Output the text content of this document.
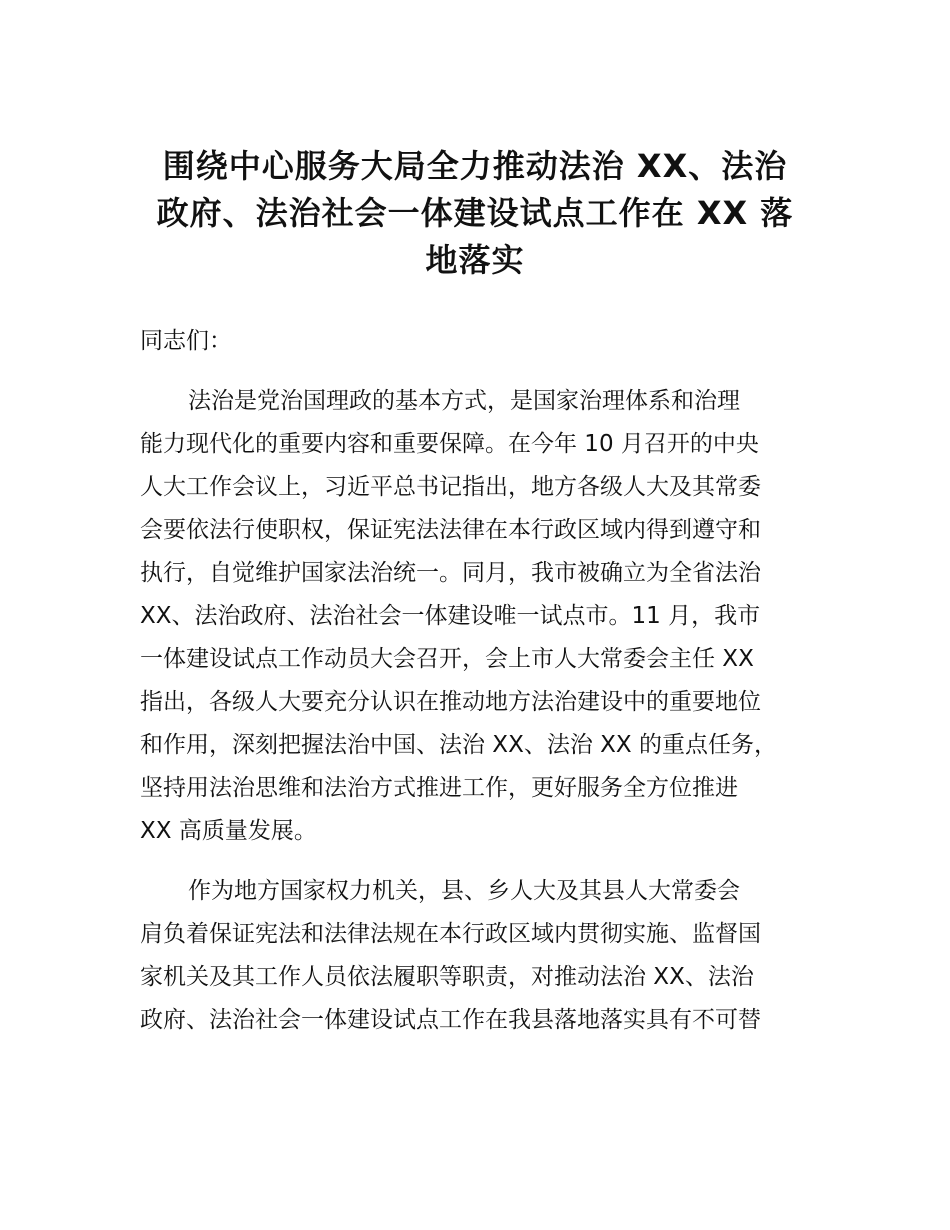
围绕中心服务大局全力推动法治 XX、法治
政府、法治社会一体建设试点工作在 XX 落
地落实

同志们：

法治是党治国理政的基本方式，是国家治理体系和治理
能力现代化的重要内容和重要保障。在今年 10 月召开的中央
人大工作会议上，习近平总书记指出，地方各级人大及其常委
会要依法行使职权，保证宪法法律在本行政区域内得到遵守和
执行，自觉维护国家法治统一。同月，我市被确立为全省法治
XX、法治政府、法治社会一体建设唯一试点市。11 月，我市
一体建设试点工作动员大会召开，会上市人大常委会主任 XX
指出，各级人大要充分认识在推动地方法治建设中的重要地位
和作用，深刻把握法治中国、法治 XX、法治 XX 的重点任务，
坚持用法治思维和法治方式推进工作，更好服务全方位推进
XX 高质量发展。

作为地方国家权力机关，县、乡人大及其县人大常委会
肩负着保证宪法和法律法规在本行政区域内贯彻实施、监督国
家机关及其工作人员依法履职等职责，对推动法治 XX、法治
政府、法治社会一体建设试点工作在我县落地落实具有不可替
